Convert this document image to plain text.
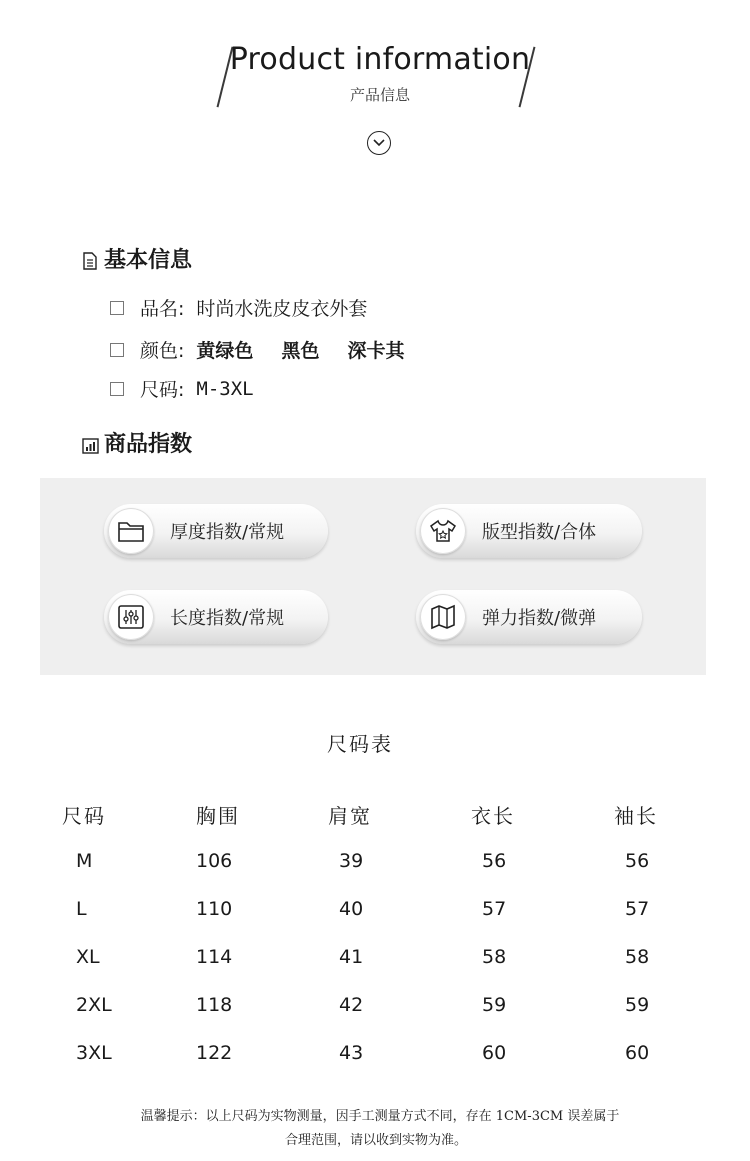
Product information
产品信息
基本信息
品名: 时尚水洗皮皮衣外套
颜色: 黄绿色 黑色 深卡其
尺码: M-3XL
商品指数
厚度指数/常规	版型指数/合体
长度指数/常规	弹力指数/微弹
尺码表
尺码	胸围	肩宽	衣长	袖长
M	106	39	56	56
L	110	40	57	57
XL	114	41	58	58
2XL	118	42	59	59
3XL	122	43	60	60
温馨提示：以上尺码为实物测量，因手工测量方式不同，存在 1CM-3CM 误差属于
合理范围，请以收到实物为准。
